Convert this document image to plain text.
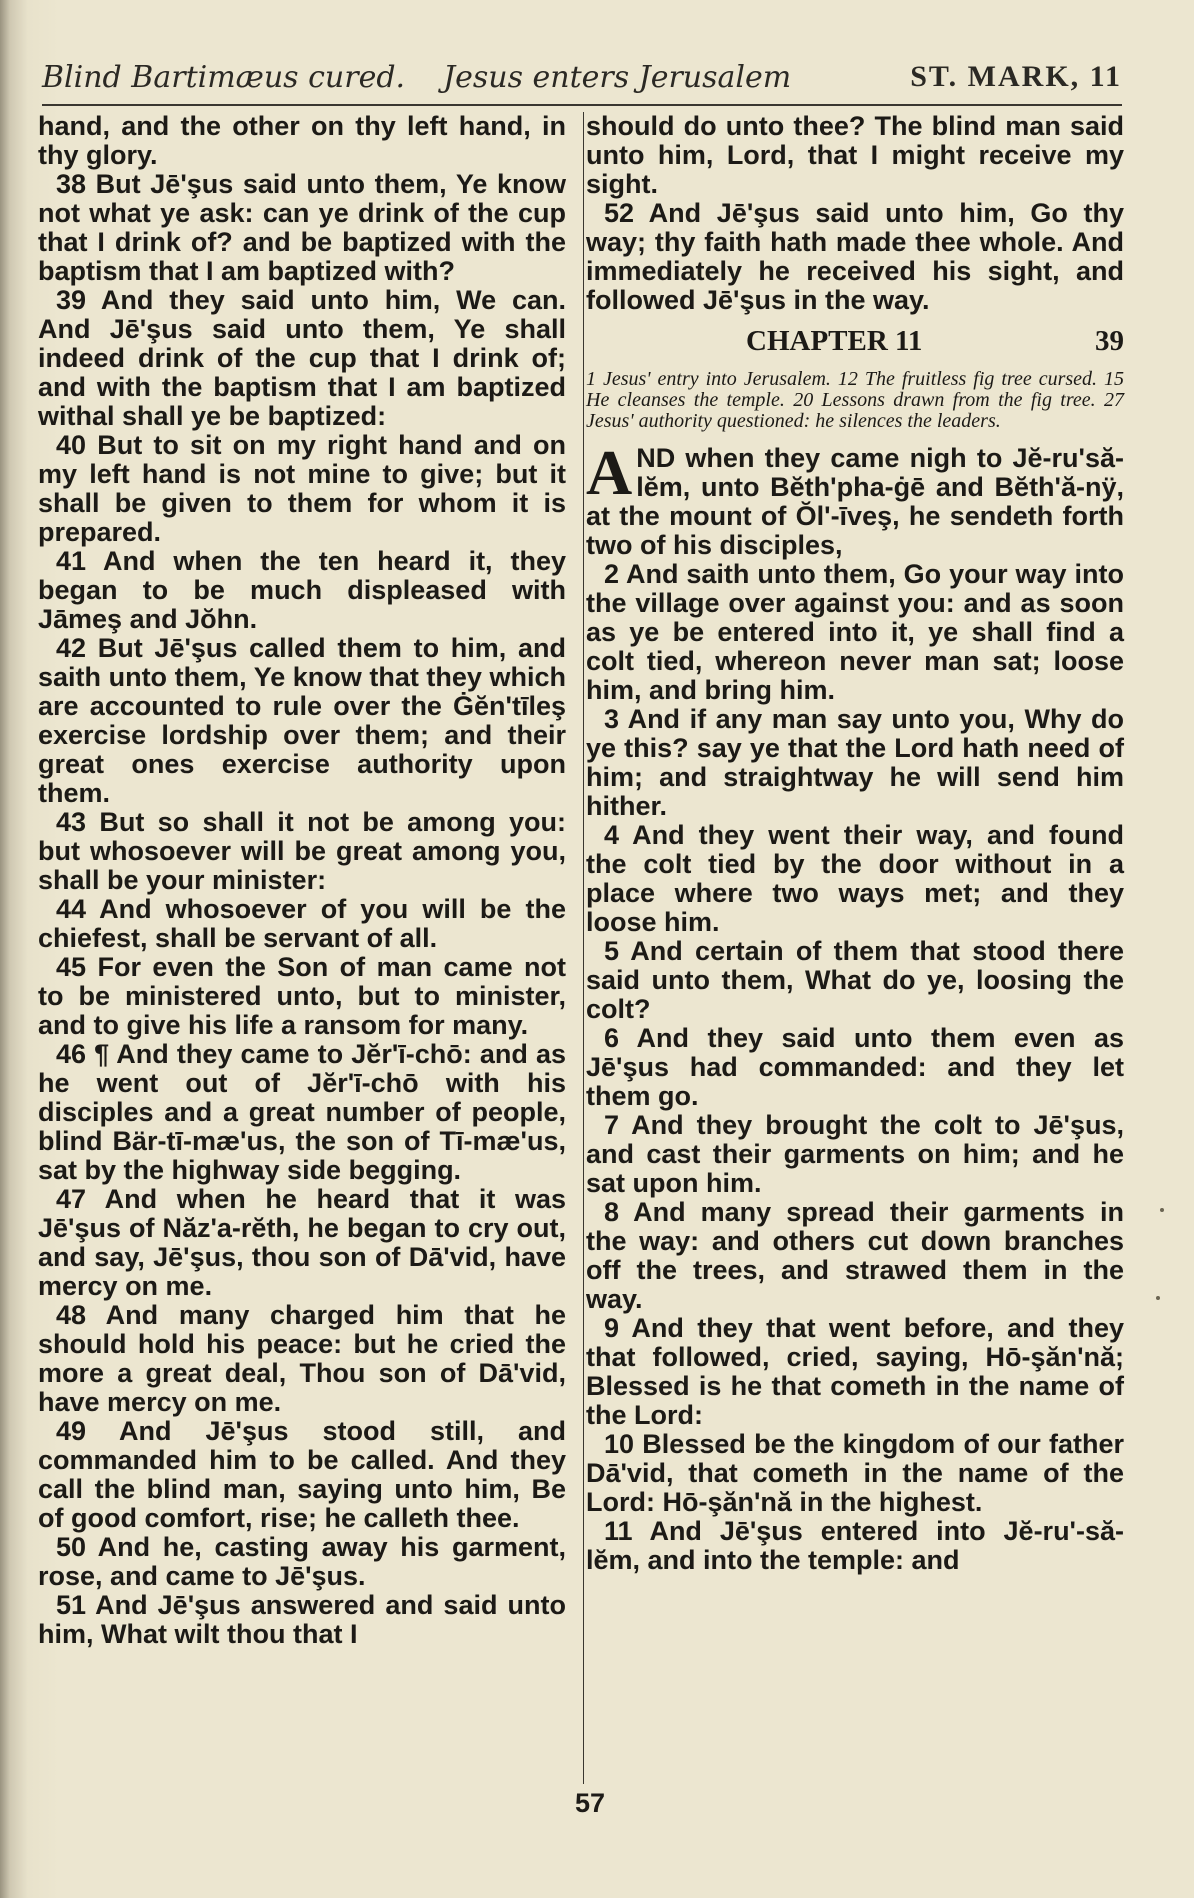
Blind Bartimæus cured. Jesus enters Jerusalem	ST. MARK, 11

hand, and the other on thy left hand, in thy glory.

38 But Jē'şus said unto them, Ye know not what ye ask: can ye drink of the cup that I drink of? and be baptized with the baptism that I am baptized with?

39 And they said unto him, We can. And Jē'şus said unto them, Ye shall indeed drink of the cup that I drink of; and with the baptism that I am baptized withal shall ye be baptized:

40 But to sit on my right hand and on my left hand is not mine to give; but it shall be given to them for whom it is prepared.

41 And when the ten heard it, they began to be much displeased with Jāmeş and Jŏhn.

42 But Jē'şus called them to him, and saith unto them, Ye know that they which are accounted to rule over the Ġĕn'tīleş exercise lordship over them; and their great ones exercise authority upon them.

43 But so shall it not be among you: but whosoever will be great among you, shall be your minister:

44 And whosoever of you will be the chiefest, shall be servant of all.

45 For even the Son of man came not to be ministered unto, but to minister, and to give his life a ransom for many.

46 ¶ And they came to Jĕr'ī-chō: and as he went out of Jĕr'ī-chō with his disciples and a great number of people, blind Bär-tī-mæ'us, the son of Tī-mæ'us, sat by the highway side begging.

47 And when he heard that it was Jē'şus of Năz'a-rĕth, he began to cry out, and say, Jē'şus, thou son of Dā'vid, have mercy on me.

48 And many charged him that he should hold his peace: but he cried the more a great deal, Thou son of Dā'vid, have mercy on me.

49 And Jē'şus stood still, and commanded him to be called. And they call the blind man, saying unto him, Be of good comfort, rise; he calleth thee.

50 And he, casting away his garment, rose, and came to Jē'şus.

51 And Jē'şus answered and said unto him, What wilt thou that I

should do unto thee? The blind man said unto him, Lord, that I might receive my sight.

52 And Jē'şus said unto him, Go thy way; thy faith hath made thee whole. And immediately he received his sight, and followed Jē'şus in the way.

CHAPTER 11	39

1 Jesus' entry into Jerusalem. 12 The fruitless fig tree cursed. 15 He cleanses the temple. 20 Lessons drawn from the fig tree. 27 Jesus' authority questioned: he silences the leaders.

AND when they came nigh to Jĕ-ru'să-lĕm, unto Bĕth'pha-ġē and Bĕth'ă-nÿ, at the mount of Ŏl'-īveş, he sendeth forth two of his disciples,

2 And saith unto them, Go your way into the village over against you: and as soon as ye be entered into it, ye shall find a colt tied, whereon never man sat; loose him, and bring him.

3 And if any man say unto you, Why do ye this? say ye that the Lord hath need of him; and straightway he will send him hither.

4 And they went their way, and found the colt tied by the door without in a place where two ways met; and they loose him.

5 And certain of them that stood there said unto them, What do ye, loosing the colt?

6 And they said unto them even as Jē'şus had commanded: and they let them go.

7 And they brought the colt to Jē'şus, and cast their garments on him; and he sat upon him.

8 And many spread their garments in the way: and others cut down branches off the trees, and strawed them in the way.

9 And they that went before, and they that followed, cried, saying, Hō-şăn'nă; Blessed is he that cometh in the name of the Lord:

10 Blessed be the kingdom of our father Dā'vid, that cometh in the name of the Lord: Hō-şăn'nă in the highest.

11 And Jē'şus entered into Jĕ-ru'-să-lĕm, and into the temple: and

57
